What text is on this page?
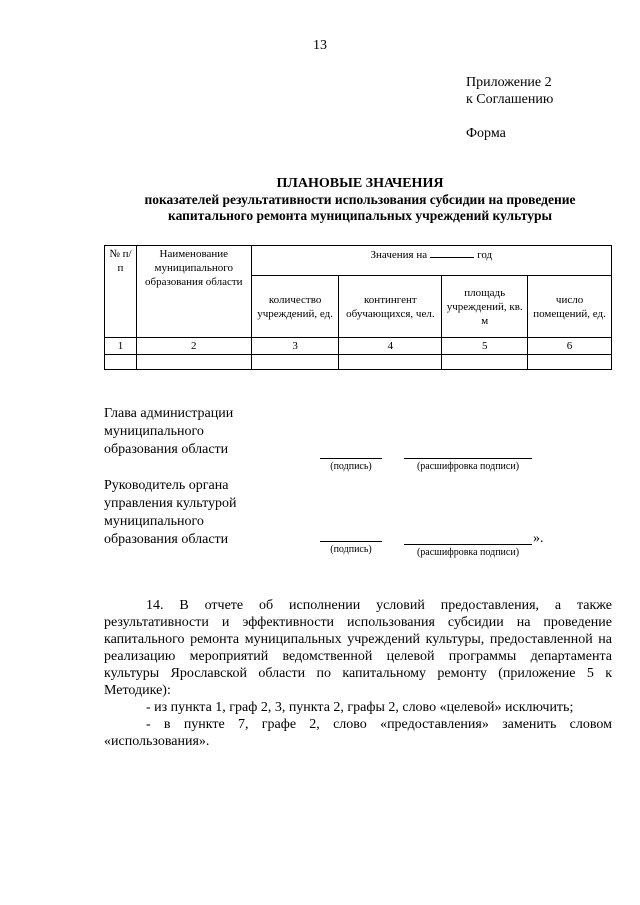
13
Приложение 2
к Соглашению
Форма
ПЛАНОВЫЕ ЗНАЧЕНИЯ
показателей результативности использования субсидии на проведение
капитального ремонта муниципальных учреждений культуры
№ п/п	Наименование муниципального образования области	Значения на год			
		количество учреждений, ед.	контингент обучающихся, чел.	площадь учреждений, кв. м	число помещений, ед.
1	2	3	4	5	6

Глава администрации
муниципального
образования области
(подпись)	(расшифровка подписи)
Руководитель органа
управления культурой
муниципального
образования области
(подпись)
».
(расшифровка подписи)

14. В отчете об исполнении условий предоставления, а также результативности и эффективности использования субсидии на проведение капитального ремонта муниципальных учреждений культуры, предоставленной на реализацию мероприятий ведомственной целевой программы департамента культуры Ярославской области по капитальному ремонту (приложение 5 к Методике):

- из пункта 1, граф 2, 3, пункта 2, графы 2, слово «целевой» исключить;

- в пункте 7, графе 2, слово «предоставления» заменить словом «использования».
